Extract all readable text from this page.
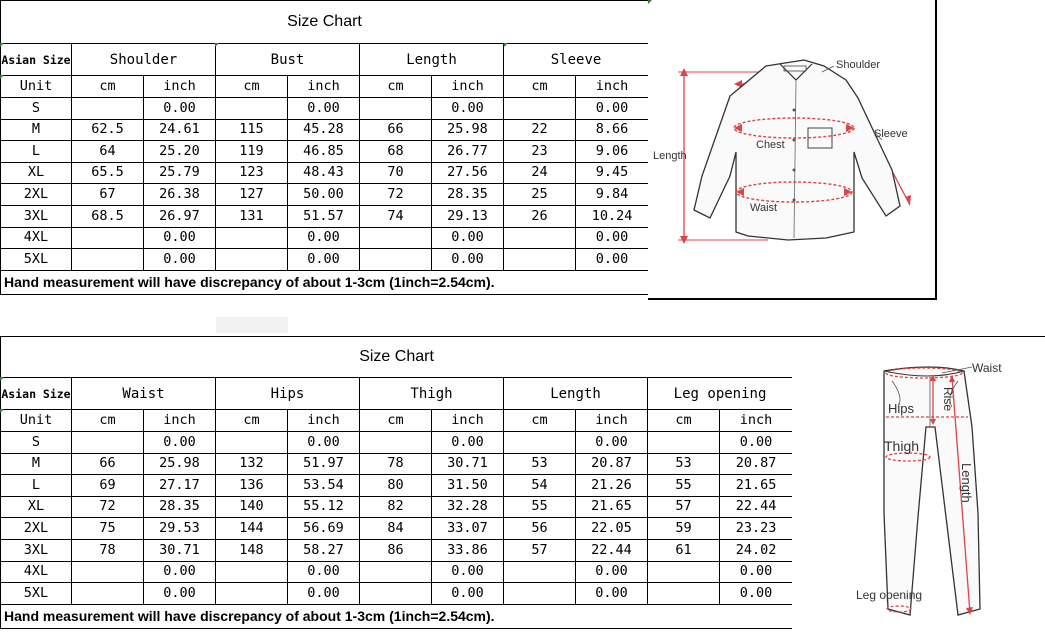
Size Chart								
Asian Size	Shoulder		Bust		Length		Sleeve	
Unit	cm	inch	cm	inch	cm	inch	cm	inch
S		0.00		0.00		0.00		0.00
M	62.5	24.61	115	45.28	66	25.98	22	8.66
L	64	25.20	119	46.85	68	26.77	23	9.06
XL	65.5	25.79	123	48.43	70	27.56	24	9.45
2XL	67	26.38	127	50.00	72	28.35	25	9.84
3XL	68.5	26.97	131	51.57	74	29.13	26	10.24
4XL		0.00		0.00		0.00		0.00
5XL		0.00		0.00		0.00		0.00
Hand measurement will have discrepancy of about 1-3cm (1inch=2.54cm).								
Shoulder
Sleeve
Chest
Length
Waist
Size Chart										
Asian Size	Waist		Hips		Thigh		Length		Leg opening	
Unit	cm	inch	cm	inch	cm	inch	cm	inch	cm	inch
S		0.00		0.00		0.00		0.00		0.00
M	66	25.98	132	51.97	78	30.71	53	20.87	53	20.87
L	69	27.17	136	53.54	80	31.50	54	21.26	55	21.65
XL	72	28.35	140	55.12	82	32.28	55	21.65	57	22.44
2XL	75	29.53	144	56.69	84	33.07	56	22.05	59	23.23
3XL	78	30.71	148	58.27	86	33.86	57	22.44	61	24.02
4XL		0.00		0.00		0.00		0.00		0.00
5XL		0.00		0.00		0.00		0.00		0.00
Hand measurement will have discrepancy of about 1-3cm (1inch=2.54cm).										
Waist
Rise
Hips
Thigh
Length
Leg opening
